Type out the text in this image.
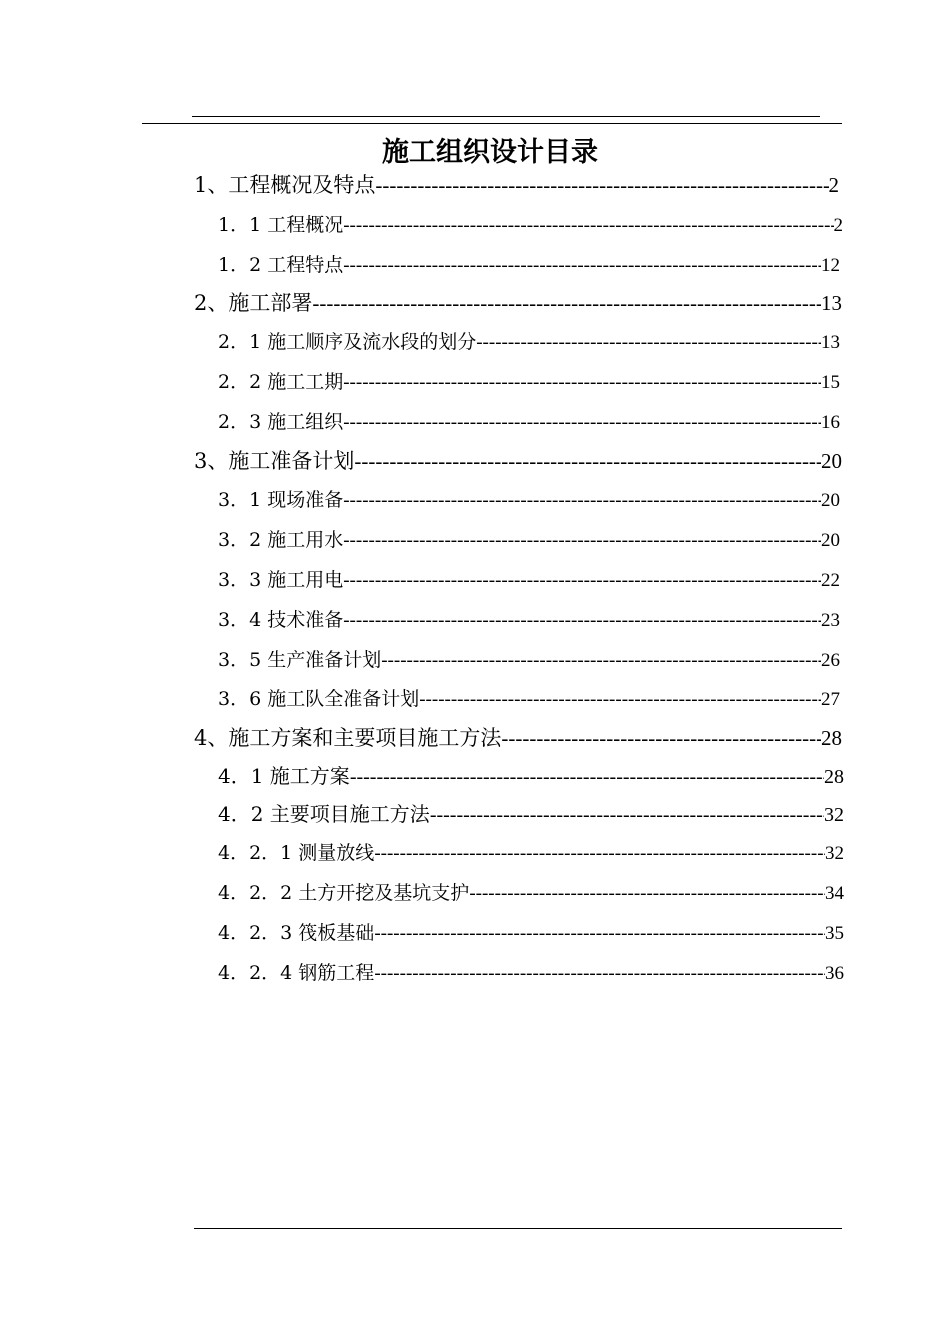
施工组织设计目录
1、工程概况及特点 -----	2
1．1 工程概况 -----	2
1．2 工程特点 -----	12
2、施工部署 -----	13
2．1 施工顺序及流水段的划分 -----	13
2．2 施工工期 -----	15
2．3 施工组织 -----	16
3、施工准备计划 -----	20
3．1 现场准备 -----	20
3．2 施工用水 -----	20
3．3 施工用电 -----	22
3．4 技术准备 -----	23
3．5 生产准备计划 -----	26
3．6 施工队全准备计划 -----	27
4、施工方案和主要项目施工方法 -----	28
4．1 施工方案 -----	28
4．2 主要项目施工方法 -----	32
4．2．1 测量放线 -----	32
4．2．2 土方开挖及基坑支护 -----	34
4．2．3 筏板基础 -----	35
4．2．4 钢筋工程 -----	36
